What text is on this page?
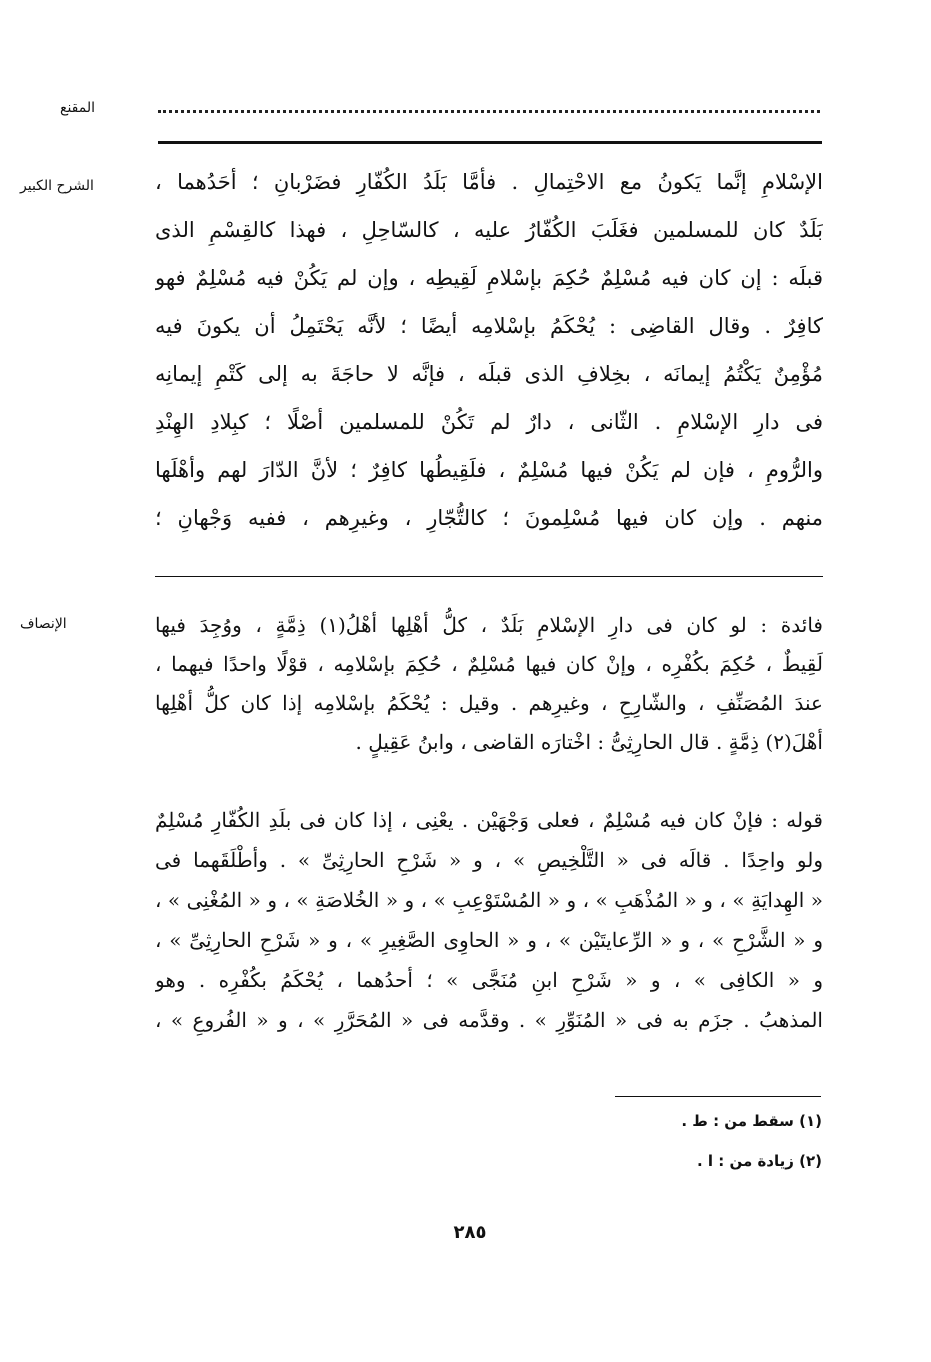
المقنع
الشرح الكبير	الإسْلامِ إنَّما يَكونُ مع الاحْتِمالِ . فأمَّا بَلَدُ الكُفّارِ فضَرْبانِ ؛ أحَدُهما ،
بَلَدٌ كان للمسلمين فغَلَبَ الكُفّارُ عليه ، كالسّاحِلِ ، فهذا كالقِسْمِ الذى
قبلَه : إن كان فيه مُسْلِمٌ حُكِمَ بإسْلامِ لَقِيطِه ، وإن لم يَكُنْ فيه مُسْلِمٌ فهو
كافِرٌ . وقال القاضِى : يُحْكَمُ بإسْلامِه أيضًا ؛ لأنَّه يَحْتَمِلُ أن يكونَ فيه
مُؤْمِنٌ يَكْتُمُ إيمانَه ، بخِلافِ الذى قبلَه ، فإنَّه لا حاجَةَ به إلى كَتْمِ إيمانِه
فى دارِ الإسْلامِ . الثّانى ، دارٌ لم تَكُنْ للمسلمين أصْلًا ؛ كبِلادِ الهِنْدِ
والرُّومِ ، فإن لم يَكُنْ فيها مُسْلِمٌ ، فلَقِيطُها كافِرٌ ؛ لأنَّ الدّارَ لهم وأهْلَها
منهم . وإن كان فيها مُسْلِمونَ ؛ كالتُّجّارِ ، وغيرِهم ، ففيه وَجْهانِ ؛
الإنصاف	فائدة : لو كان فى دارِ الإسْلامِ بَلَدٌ ، كلُّ أهْلِها أهْلُ(١) ذِمَّةٍ ، ووُجِدَ فيها
لَقِيطٌ ، حُكِمَ بكُفْرِه ، وإنْ كان فيها مُسْلِمٌ ، حُكِمَ بإسْلامِه ، قوْلًا واحدًا فيهما ،
عندَ المُصَنِّفِ ، والشّارِحِ ، وغيرِهم . وقيل : يُحْكَمُ بإسْلامِه إذا كان كلُّ أهْلِها
أهْلَ(٢) ذِمَّةٍ . قال الحارِثِىُّ : اخْتارَه القاضى ، وابنُ عَقِيلٍ .
قوله : فإنْ كان فيه مُسْلِمٌ ، فعلى وَجْهَيْن . يعْنِى ، إذا كان فى بلَدِ الكُفّارِ مُسْلِمٌ
ولو واحِدًا . قالَه فى « التَّلْخِيصِ » ، و « شَرْحِ الحارِثِىِّ » . وأطْلَقَهما فى
« الهِدايَةِ » ، و « المُذْهَبِ » ، و « المُسْتَوْعِبِ » ، و « الخُلاصَةِ » ، و « المُغْنِى » ،
و « الشَّرْحِ » ، و « الرِّعايتَيْن » ، و « الحاوِى الصَّغِيرِ » ، و « شَرْحِ الحارِثِىِّ » ،
و « الكافِى » ، و « شَرْحِ ابنِ مُنَجَّى » ؛ أحدُهما ، يُحْكَمُ بكُفْرِه . وهو
المذهبُ . جزَم به فى « المُنَوِّرِ » . وقدَّمه فى « المُحَرَّرِ » ، و « الفُروعِ » ،
(١) سقط من : ط .
(٢) زيادة من : ا .
٢٨٥
